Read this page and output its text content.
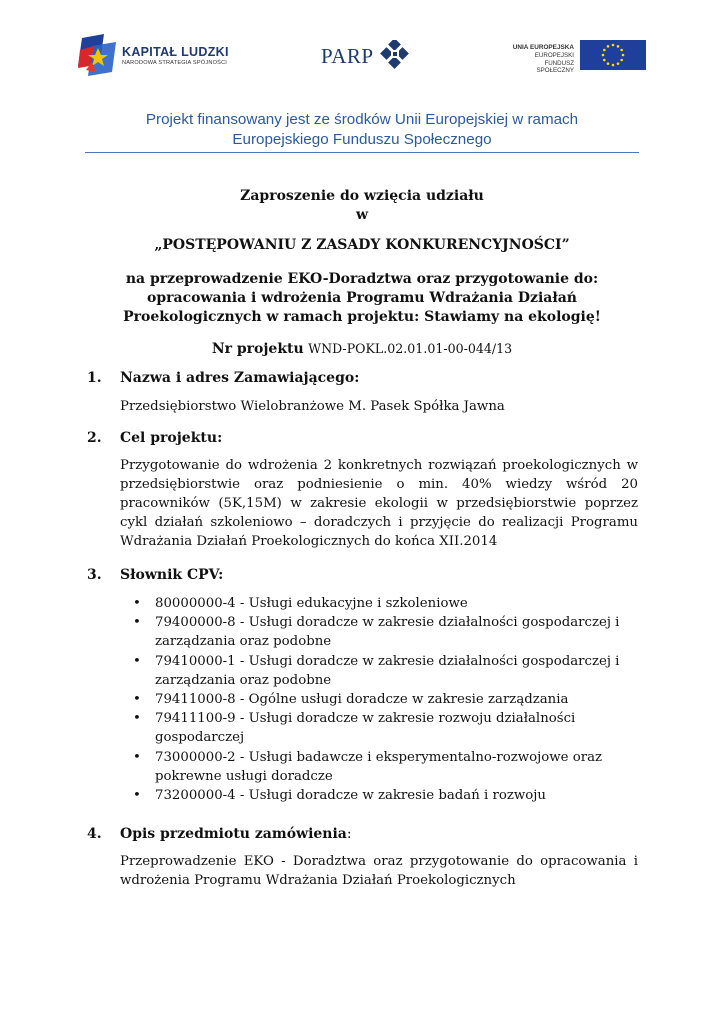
KAPITAŁ LUDZKI
NARODOWA STRATEGIA SPÓJNOŚCI	PARP	UNIA EUROPEJSKA
EUROPEJSKI
FUNDUSZ SPOŁECZNY
Projekt finansowany jest ze środków Unii Europejskiej w ramach
Europejskiego Funduszu Społecznego
Zaproszenie do wzięcia udziału
w
„POSTĘPOWANIU Z ZASADY KONKURENCYJNOŚCI”
na przeprowadzenie EKO-Doradztwa oraz przygotowanie do:
opracowania i wdrożenia Programu Wdrażania Działań
Proekologicznych w ramach projektu: Stawiamy na ekologię!
Nr projektu WND-POKL.02.01.01-00-044/13
1. Nazwa i adres Zamawiającego:
Przedsiębiorstwo Wielobranżowe M. Pasek Spółka Jawna
2. Cel projektu:
Przygotowanie do wdrożenia 2 konkretnych rozwiązań proekologicznych w przedsiębiorstwie oraz podniesienie o min. 40% wiedzy wśród 20 pracowników (5K,15M) w zakresie ekologii w przedsiębiorstwie poprzez cykl działań szkoleniowo – doradczych i przyjęcie do realizacji Programu Wdrażania Działań Proekologicznych do końca XII.2014
3. Słownik CPV:
• 80000000-4 - Usługi edukacyjne i szkoleniowe
• 79400000-8 - Usługi doradcze w zakresie działalności gospodarczej i zarządzania oraz podobne
• 79410000-1 - Usługi doradcze w zakresie działalności gospodarczej i zarządzania oraz podobne
• 79411000-8 - Ogólne usługi doradcze w zakresie zarządzania
• 79411100-9 - Usługi doradcze w zakresie rozwoju działalności gospodarczej
• 73000000-2 - Usługi badawcze i eksperymentalno-rozwojowe oraz pokrewne usługi doradcze
• 73200000-4 - Usługi doradcze w zakresie badań i rozwoju
4. Opis przedmiotu zamówienia:
Przeprowadzenie EKO - Doradztwa oraz przygotowanie do opracowania i wdrożenia Programu Wdrażania Działań Proekologicznych
